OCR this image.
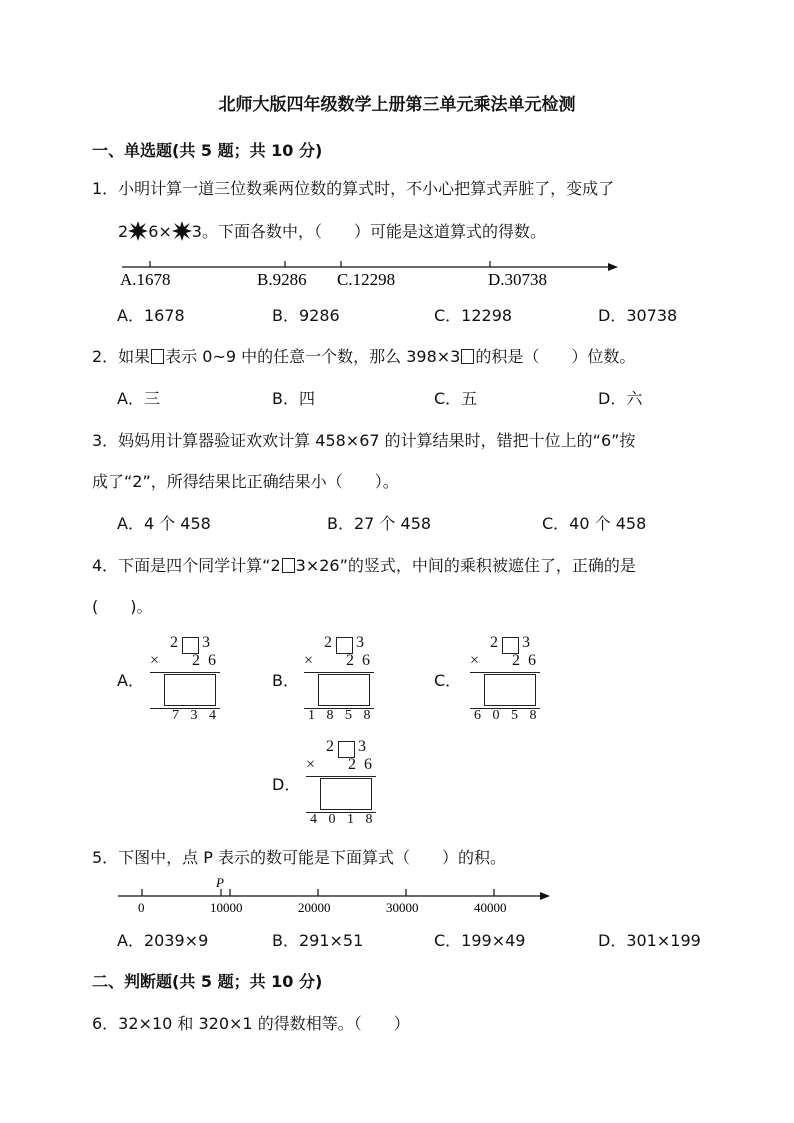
北师大版四年级数学上册第三单元乘法单元检测
一、单选题(共 5 题；共 10 分)
1．小明计算一道三位数乘两位数的算式时，不小心把算式弄脏了，变成了
2 6× 3。下面各数中，（　　）可能是这道算式的得数。
A.1678	B.9286 C.12298	D.30738
A．1678	B．9286	C．12298	D．30738
2．如果 表示 0~9 中的任意一个数，那么 398×3 的积是（　　）位数。
A．三	B．四	C．五	D．六
3．妈妈用计算器验证欢欢计算 458×67 的计算结果时，错把十位上的“6”按
成了“2”，所得结果比正确结果小（　　）。
A．4 个 458	B．27 个 458	C．40 个 458
4．下面是四个同学计算“2 3×26”的竖式，中间的乘积被遮住了，正确的是
(　　)。
A．
2 3
× 2 6
7 3 4
B．
2 3
× 2 6
1 8 5 8
C．
2 3
× 2 6
6 0 5 8
D．
2 3
× 2 6
4 0 1 8
5．下图中，点 P 表示的数可能是下面算式（　　）的积。
P
0	10000	20000	30000	40000
A．2039×9	B．291×51	C．199×49	D．301×199
二、判断题(共 5 题；共 10 分)
6．32×10 和 320×1 的得数相等。（　　）
